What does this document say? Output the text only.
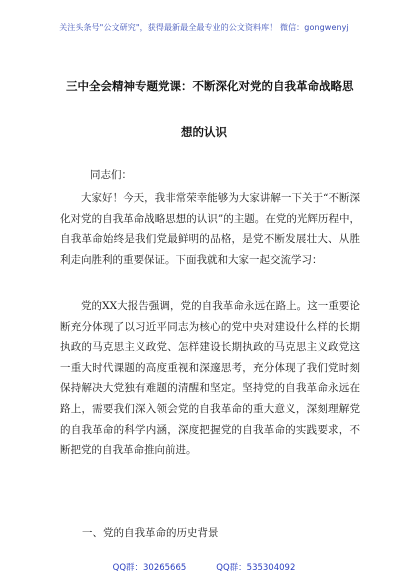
关注头条号"公文研究"，获得最新最全最专业的公文资料库！ 微信：gongwenyj
三中全会精神专题党课：不断深化对党的自我革命战略思
想的认识
同志们：

大家好！今天，我非常荣幸能够为大家讲解一下关于“不断深化对党的自我革命战略思想的认识”的主题。在党的光辉历程中，自我革命始终是我们党最鲜明的品格，是党不断发展壮大、从胜利走向胜利的重要保证。下面我就和大家一起交流学习：

党的XX大报告强调，党的自我革命永远在路上。这一重要论断充分体现了以习近平同志为核心的党中央对建设什么样的长期执政的马克思主义政党、怎样建设长期执政的马克思主义政党这一重大时代课题的高度重视和深邃思考，充分体现了我们党时刻保持解决大党独有难题的清醒和坚定。坚持党的自我革命永远在路上，需要我们深入领会党的自我革命的重大意义，深刻理解党的自我革命的科学内涵，深度把握党的自我革命的实践要求，不断把党的自我革命推向前进。

一、党的自我革命的历史背景
QQ群：30265665	QQ群：535304092
